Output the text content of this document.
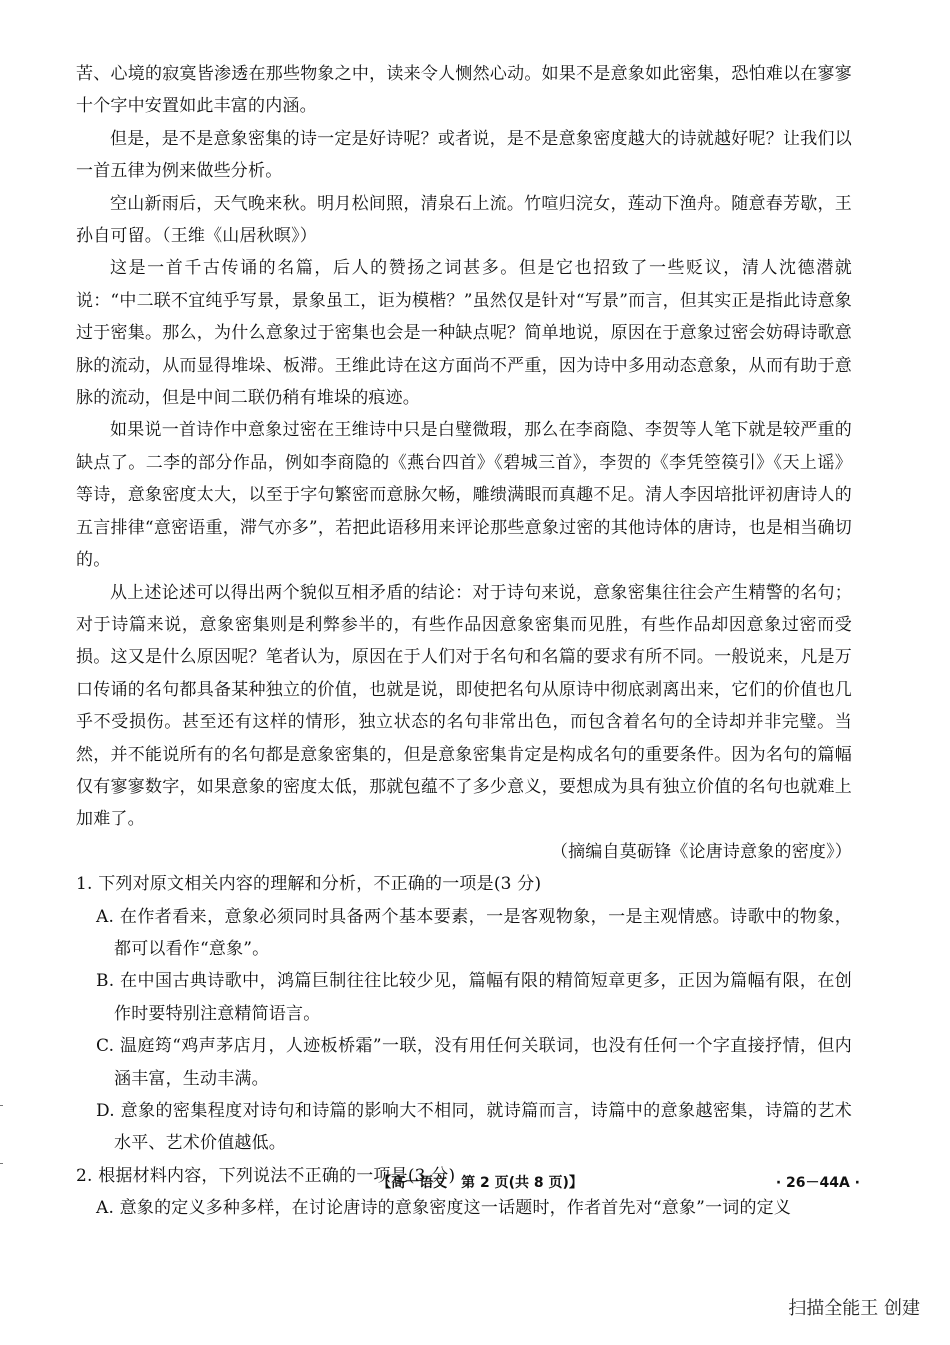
苦、心境的寂寞皆渗透在那些物象之中，读来令人恻然心动。如果不是意象如此密集，恐怕难以在寥寥十个字中安置如此丰富的内涵。

但是，是不是意象密集的诗一定是好诗呢？或者说，是不是意象密度越大的诗就越好呢？让我们以一首五律为例来做些分析。

空山新雨后，天气晚来秋。明月松间照，清泉石上流。竹喧归浣女，莲动下渔舟。随意春芳歇，王孙自可留。（王维《山居秋暝》）

这是一首千古传诵的名篇，后人的赞扬之词甚多。但是它也招致了一些贬议，清人沈德潜就说：“中二联不宜纯乎写景，景象虽工，讵为模楷？”虽然仅是针对“写景”而言，但其实正是指此诗意象过于密集。那么，为什么意象过于密集也会是一种缺点呢？简单地说，原因在于意象过密会妨碍诗歌意脉的流动，从而显得堆垛、板滞。王维此诗在这方面尚不严重，因为诗中多用动态意象，从而有助于意脉的流动，但是中间二联仍稍有堆垛的痕迹。

如果说一首诗作中意象过密在王维诗中只是白璧微瑕，那么在李商隐、李贺等人笔下就是较严重的缺点了。二李的部分作品，例如李商隐的《燕台四首》《碧城三首》，李贺的《李凭箜篌引》《天上谣》等诗，意象密度太大，以至于字句繁密而意脉欠畅，雕缋满眼而真趣不足。清人李因培批评初唐诗人的五言排律“意密语重，滞气亦多”，若把此语移用来评论那些意象过密的其他诗体的唐诗，也是相当确切的。

从上述论述可以得出两个貌似互相矛盾的结论：对于诗句来说，意象密集往往会产生精警的名句；对于诗篇来说，意象密集则是利弊参半的，有些作品因意象密集而见胜，有些作品却因意象过密而受损。这又是什么原因呢？笔者认为，原因在于人们对于名句和名篇的要求有所不同。一般说来，凡是万口传诵的名句都具备某种独立的价值，也就是说，即使把名句从原诗中彻底剥离出来，它们的价值也几乎不受损伤。甚至还有这样的情形，独立状态的名句非常出色，而包含着名句的全诗却并非完璧。当然，并不能说所有的名句都是意象密集的，但是意象密集肯定是构成名句的重要条件。因为名句的篇幅仅有寥寥数字，如果意象的密度太低，那就包蕴不了多少意义，要想成为具有独立价值的名句也就难上加难了。

（摘编自莫砺锋《论唐诗意象的密度》）

1. 下列对原文相关内容的理解和分析，不正确的一项是(3 分)

A. 在作者看来，意象必须同时具备两个基本要素，一是客观物象，一是主观情感。诗歌中的物象，都可以看作“意象”。

B. 在中国古典诗歌中，鸿篇巨制往往比较少见，篇幅有限的精简短章更多，正因为篇幅有限，在创作时要特别注意精简语言。

C. 温庭筠“鸡声茅店月，人迹板桥霜”一联，没有用任何关联词，也没有任何一个字直接抒情，但内涵丰富，生动丰满。

D. 意象的密集程度对诗句和诗篇的影响大不相同，就诗篇而言，诗篇中的意象越密集，诗篇的艺术水平、艺术价值越低。

2. 根据材料内容，下列说法不正确的一项是(3 分)

A. 意象的定义多种多样，在讨论唐诗的意象密度这一话题时，作者首先对“意象”一词的定义

【高一语文　第 2 页(共 8 页)】	· 26－44A ·
扫描全能王 创建
